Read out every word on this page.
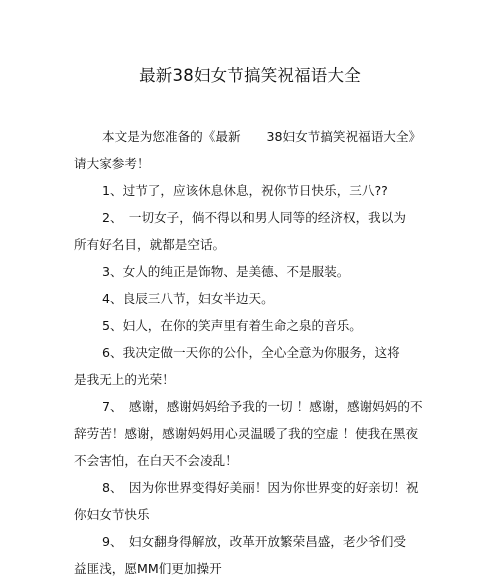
最新38妇女节搞笑祝福语大全
本文是为您准备的《最新 38妇女节搞笑祝福语大全》
请大家参考！
1、过节了，应该休息休息，祝你节日快乐，三八??
2、　一切女子，倘不得以和男人同等的经济权，我以为
所有好名目，就都是空话。
3、女人的纯正是饰物、是美德、不是服装。
4、良辰三八节，妇女半边天。
5、妇人，在你的笑声里有着生命之泉的音乐。
6、我决定做一天你的公仆，全心全意为你服务，这将
是我无上的光荣！
7、　感谢，感谢妈妈给予我的一切 ！感谢，感谢妈妈的不
辞劳苦！感谢，感谢妈妈用心灵温暖了我的空虚 ！使我在黑夜
不会害怕，在白天不会凌乱！
8、　因为你世界变得好美丽！因为你世界变的好亲切！祝
你妇女节快乐
9、　妇女翻身得解放，改革开放繁荣昌盛，老少爷们受
益匪浅，愿MM们更加操开
